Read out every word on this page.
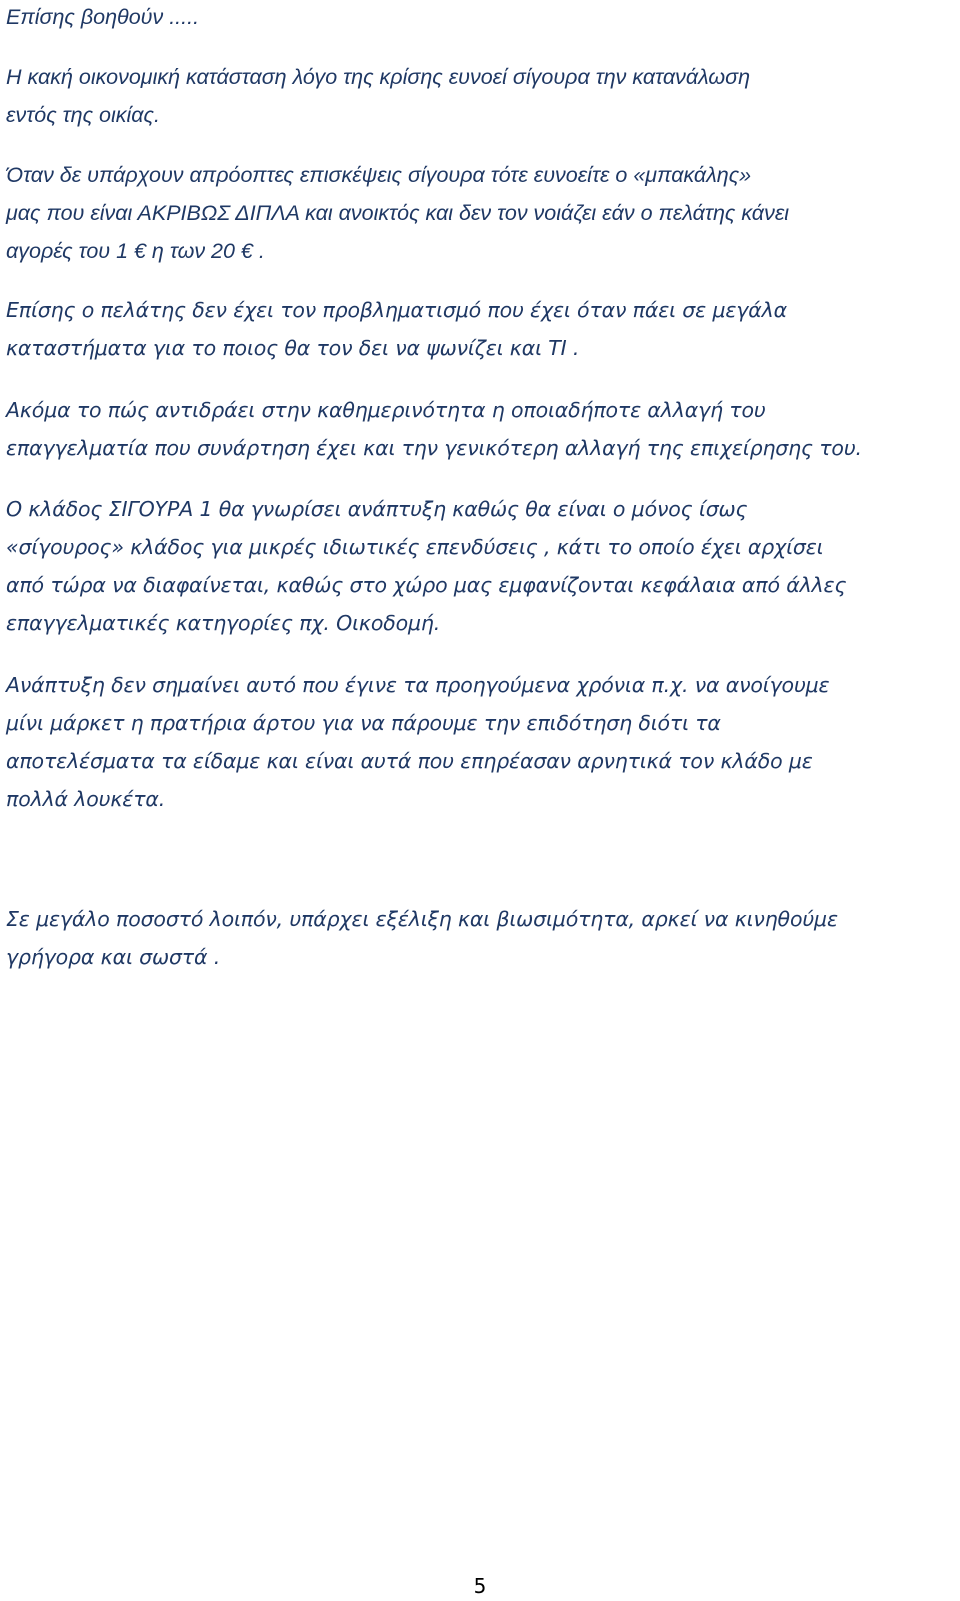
Επίσης βοηθούν .....

Η κακή οικονομική κατάσταση λόγο της κρίσης ευνοεί σίγουρα την κατανάλωση
εντός της οικίας.

Όταν δε υπάρχουν απρόοπτες επισκέψεις σίγουρα τότε ευνοείτε ο «μπακάλης»
μας που είναι ΑΚΡΙΒΩΣ ΔΙΠΛΑ και ανοικτός και δεν τον νοιάζει εάν ο πελάτης κάνει
αγορές του 1 € η των 20 € .

Επίσης ο πελάτης δεν έχει τον προβληματισμό που έχει όταν πάει σε μεγάλα
καταστήματα για το ποιος θα τον δει να ψωνίζει και ΤΙ .

Ακόμα το πώς αντιδράει στην καθημερινότητα η οποιαδήποτε αλλαγή του
επαγγελματία που συνάρτηση έχει και την γενικότερη αλλαγή της επιχείρησης του.

Ο κλάδος ΣΙΓΟΥΡΑ 1 θα γνωρίσει ανάπτυξη καθώς θα είναι ο μόνος ίσως
«σίγουρος» κλάδος για μικρές ιδιωτικές επενδύσεις , κάτι το οποίο έχει αρχίσει
από τώρα να διαφαίνεται, καθώς στο χώρο μας εμφανίζονται κεφάλαια από άλλες
επαγγελματικές κατηγορίες πχ. Οικοδομή.

Ανάπτυξη δεν σημαίνει αυτό που έγινε τα προηγούμενα χρόνια π.χ. να ανοίγουμε
μίνι μάρκετ η πρατήρια άρτου για να πάρουμε την επιδότηση διότι τα
αποτελέσματα τα είδαμε και είναι αυτά που επηρέασαν αρνητικά τον κλάδο με
πολλά λουκέτα.

Σε μεγάλο ποσοστό λοιπόν, υπάρχει εξέλιξη και βιωσιμότητα, αρκεί να κινηθούμε
γρήγορα και σωστά .

5
